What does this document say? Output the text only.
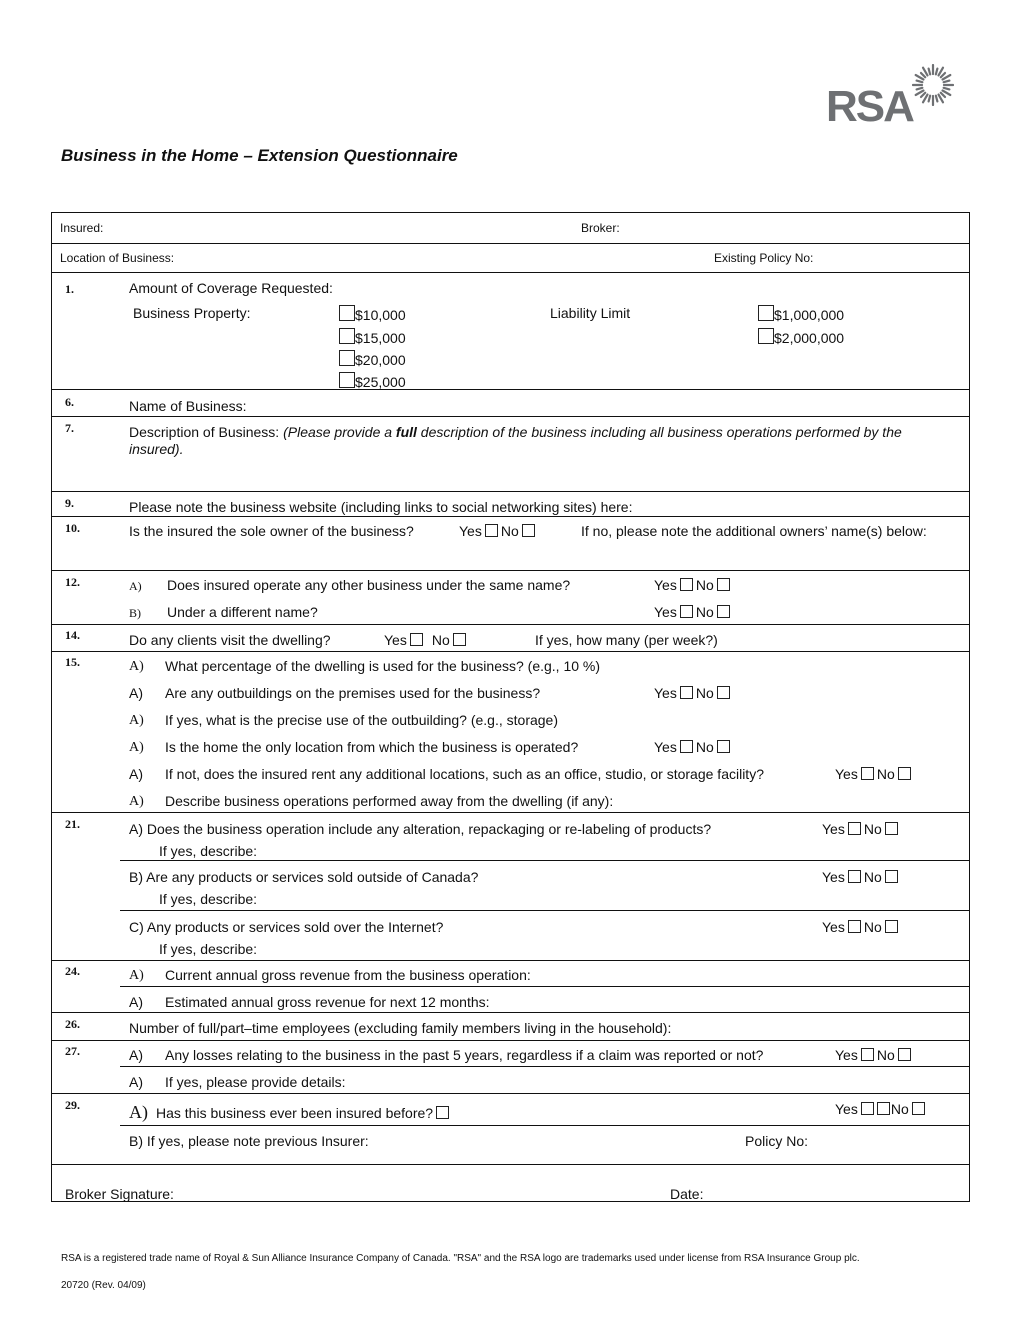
RSA
Business in the Home – Extension Questionnaire
Insured:	Broker:
Location of Business:	Existing Policy No:
1.	Amount of Coverage Requested:
Business Property:	$10,000
$15,000
$20,000
$25,000
Liability Limit	$1,000,000
$2,000,000
6.	Name of Business:
7.	Description of Business: (Please provide a full description of the business including all business operations performed by the
insured).
9.	Please note the business website (including links to social networking sites) here:
10.	Is the insured the sole owner of the business?	Yes No	If no, please note the additional owners’ name(s) below:
12.	A) Does insured operate any other business under the same name?	Yes No
B) Under a different name?	Yes No
14.	Do any clients visit the dwelling?	Yes No	If yes, how many (per week?)
15.	A) What percentage of the dwelling is used for the business? (e.g., 10 %)
A) Are any outbuildings on the premises used for the business?	Yes No
A) If yes, what is the precise use of the outbuilding? (e.g., storage)
A) Is the home the only location from which the business is operated?	Yes No
A) If not, does the insured rent any additional locations, such as an office, studio, or storage facility?	Yes No
A) Describe business operations performed away from the dwelling (if any):
21.	A) Does the business operation include any alteration, repackaging or re-labeling of products?	Yes No
If yes, describe:
B) Are any products or services sold outside of Canada?	Yes No
If yes, describe:
C) Any products or services sold over the Internet?	Yes No
If yes, describe:
24.	A) Current annual gross revenue from the business operation:
A) Estimated annual gross revenue for next 12 months:
26.	Number of full/part–time employees (excluding family members living in the household):
27.	A) Any losses relating to the business in the past 5 years, regardless if a claim was reported or not?	Yes No
A) If yes, please provide details:
29.	A) Has this business ever been insured before?	Yes No
B) If yes, please note previous Insurer:	Policy No:
Broker Signature:	Date:
RSA is a registered trade name of Royal & Sun Alliance Insurance Company of Canada. "RSA" and the RSA logo are trademarks used under license from RSA Insurance Group plc.
20720 (Rev. 04/09)
